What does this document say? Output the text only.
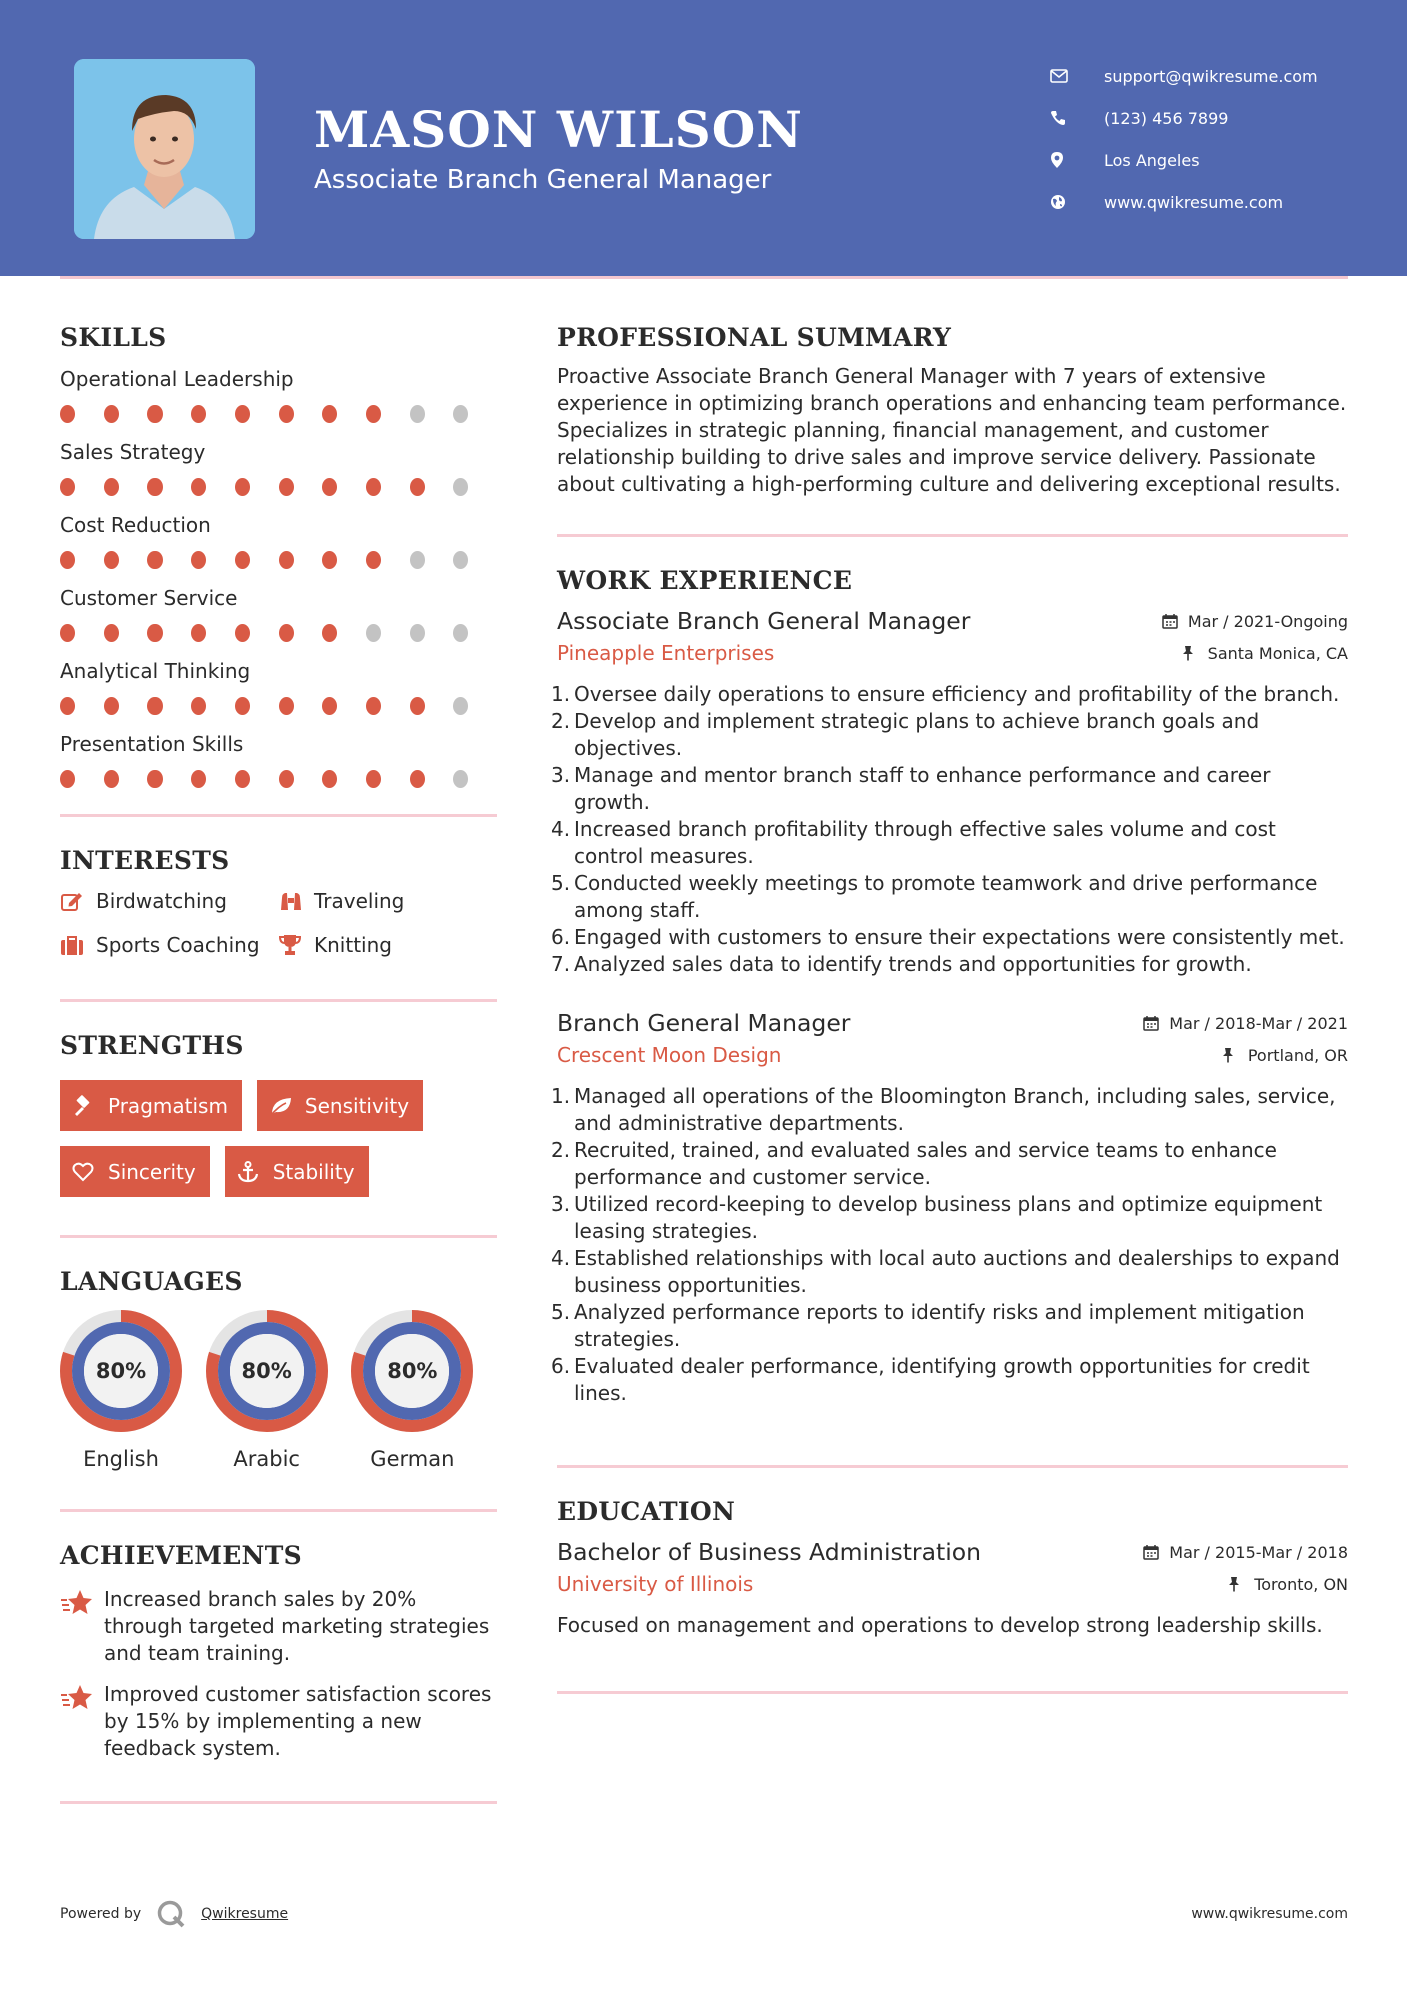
MASON WILSON
Associate Branch General Manager
support@qwikresume.com
(123) 456 7899
Los Angeles
www.qwikresume.com
SKILLS
Operational Leadership
Sales Strategy
Cost Reduction
Customer Service
Analytical Thinking
Presentation Skills
INTERESTS
Birdwatching	Traveling
Sports Coaching	Knitting
STRENGTHS
Pragmatism	Sensitivity
Sincerity	Stability
LANGUAGES
80%
English
80%
Arabic
80%
German
ACHIEVEMENTS
Increased branch sales by 20% through targeted marketing strategies and team training.
Improved customer satisfaction scores by 15% by implementing a new feedback system.
PROFESSIONAL SUMMARY
Proactive Associate Branch General Manager with 7 years of extensive experience in optimizing branch operations and enhancing team performance. Specializes in strategic planning, financial management, and customer relationship building to drive sales and improve service delivery. Passionate about cultivating a high-performing culture and delivering exceptional results.
WORK EXPERIENCE
Associate Branch General Manager	Mar / 2021-Ongoing
Pineapple Enterprises	Santa Monica, CA
1. Oversee daily operations to ensure efficiency and profitability of the branch.
2. Develop and implement strategic plans to achieve branch goals and objectives.
3. Manage and mentor branch staff to enhance performance and career growth.
4. Increased branch profitability through effective sales volume and cost control measures.
5. Conducted weekly meetings to promote teamwork and drive performance among staff.
6. Engaged with customers to ensure their expectations were consistently met.
7. Analyzed sales data to identify trends and opportunities for growth.
Branch General Manager	Mar / 2018-Mar / 2021
Crescent Moon Design	Portland, OR
1. Managed all operations of the Bloomington Branch, including sales, service, and administrative departments.
2. Recruited, trained, and evaluated sales and service teams to enhance performance and customer service.
3. Utilized record-keeping to develop business plans and optimize equipment leasing strategies.
4. Established relationships with local auto auctions and dealerships to expand business opportunities.
5. Analyzed performance reports to identify risks and implement mitigation strategies.
6. Evaluated dealer performance, identifying growth opportunities for credit lines.
EDUCATION
Bachelor of Business Administration	Mar / 2015-Mar / 2018
University of Illinois	Toronto, ON
Focused on management and operations to develop strong leadership skills.
Powered by	Qwikresume	www.qwikresume.com
